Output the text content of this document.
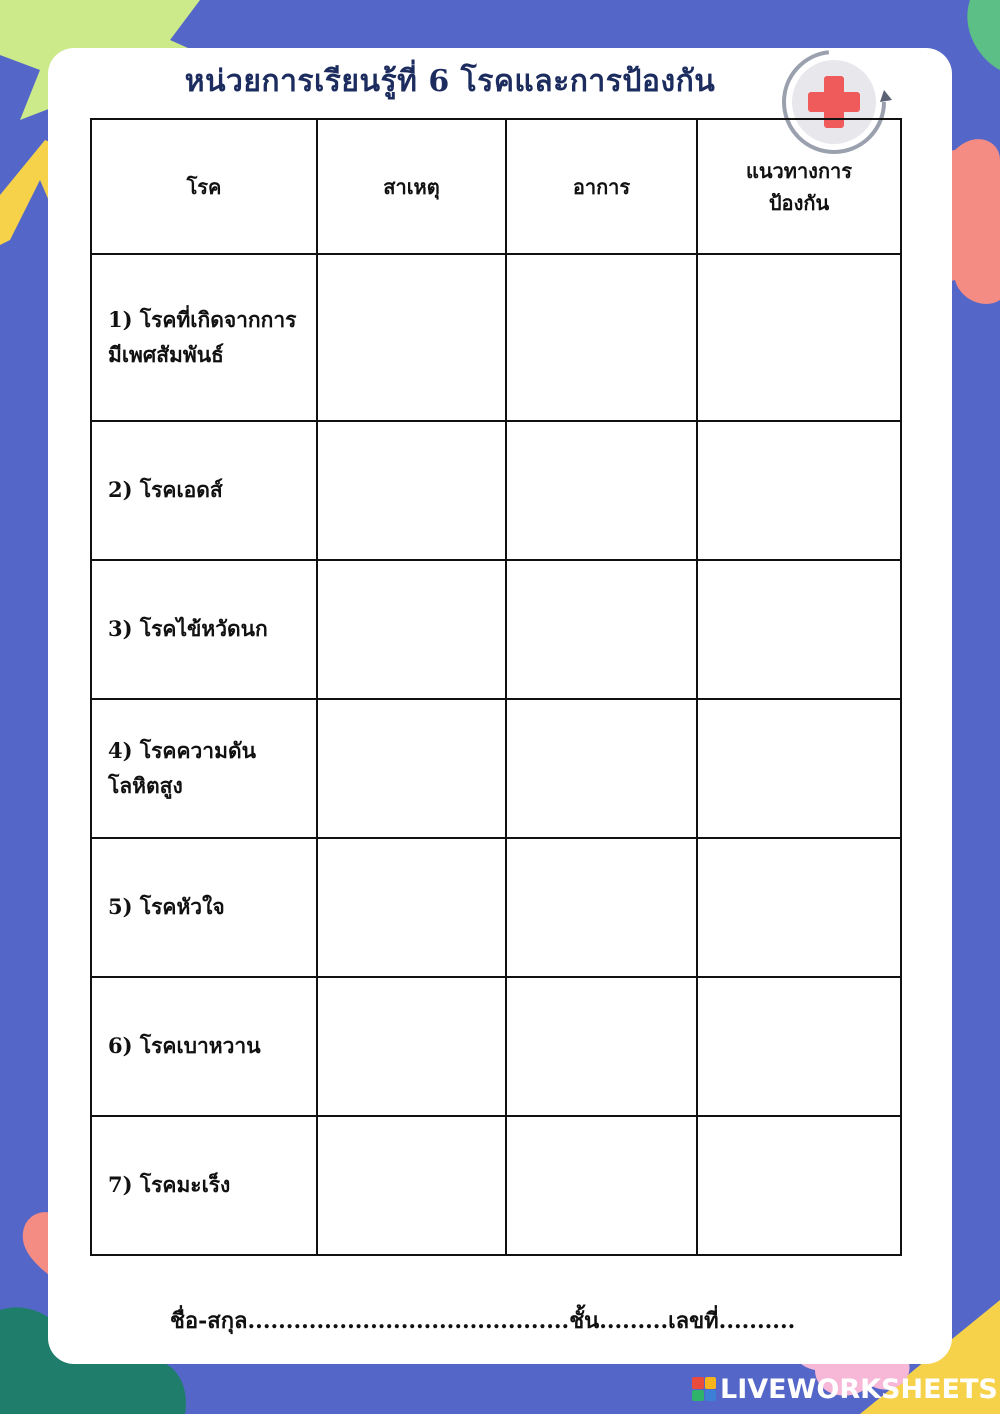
หน่วยการเรียนรู้ที่ 6 โรคและการป้องกัน
โรค	สาเหตุ	อาการ	แนวทางการ
ป้องกัน
1) โรคที่เกิดจากการมีเพศสัมพันธ์			
2) โรคเอดส์			
3) โรคไข้หวัดนก			
4) โรคความดันโลหิตสูง			
5) โรคหัวใจ			
6) โรคเบาหวาน			
7) โรคมะเร็ง			
ชื่อ-สกุล..........................................ชั้น.........เลขที่..........
LIVEWORKSHEETS
